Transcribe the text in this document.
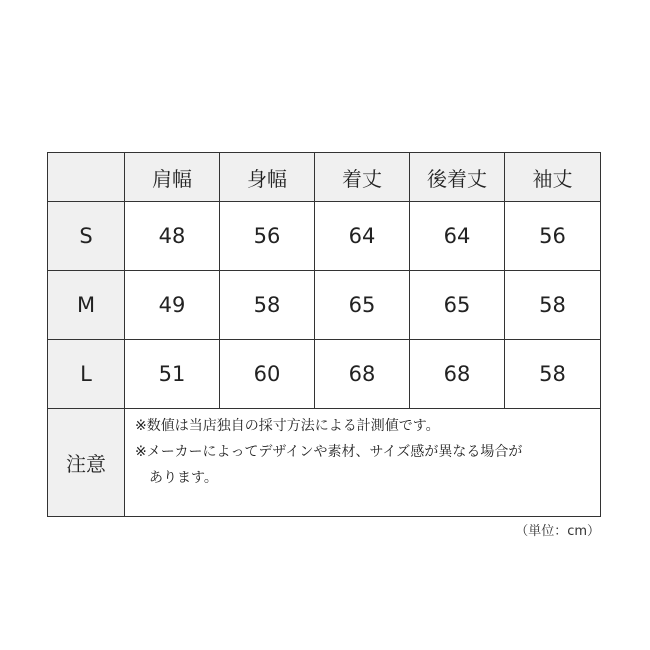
	肩幅	身幅	着丈	後着丈	袖丈
S	48	56	64	64	56
M	49	58	65	65	58
L	51	60	68	68	58
注意	※数値は当店独自の採寸方法による計測値です。
※メーカーによってデザインや素材、サイズ感が異なる場合が
あります。				
（単位：cm）
